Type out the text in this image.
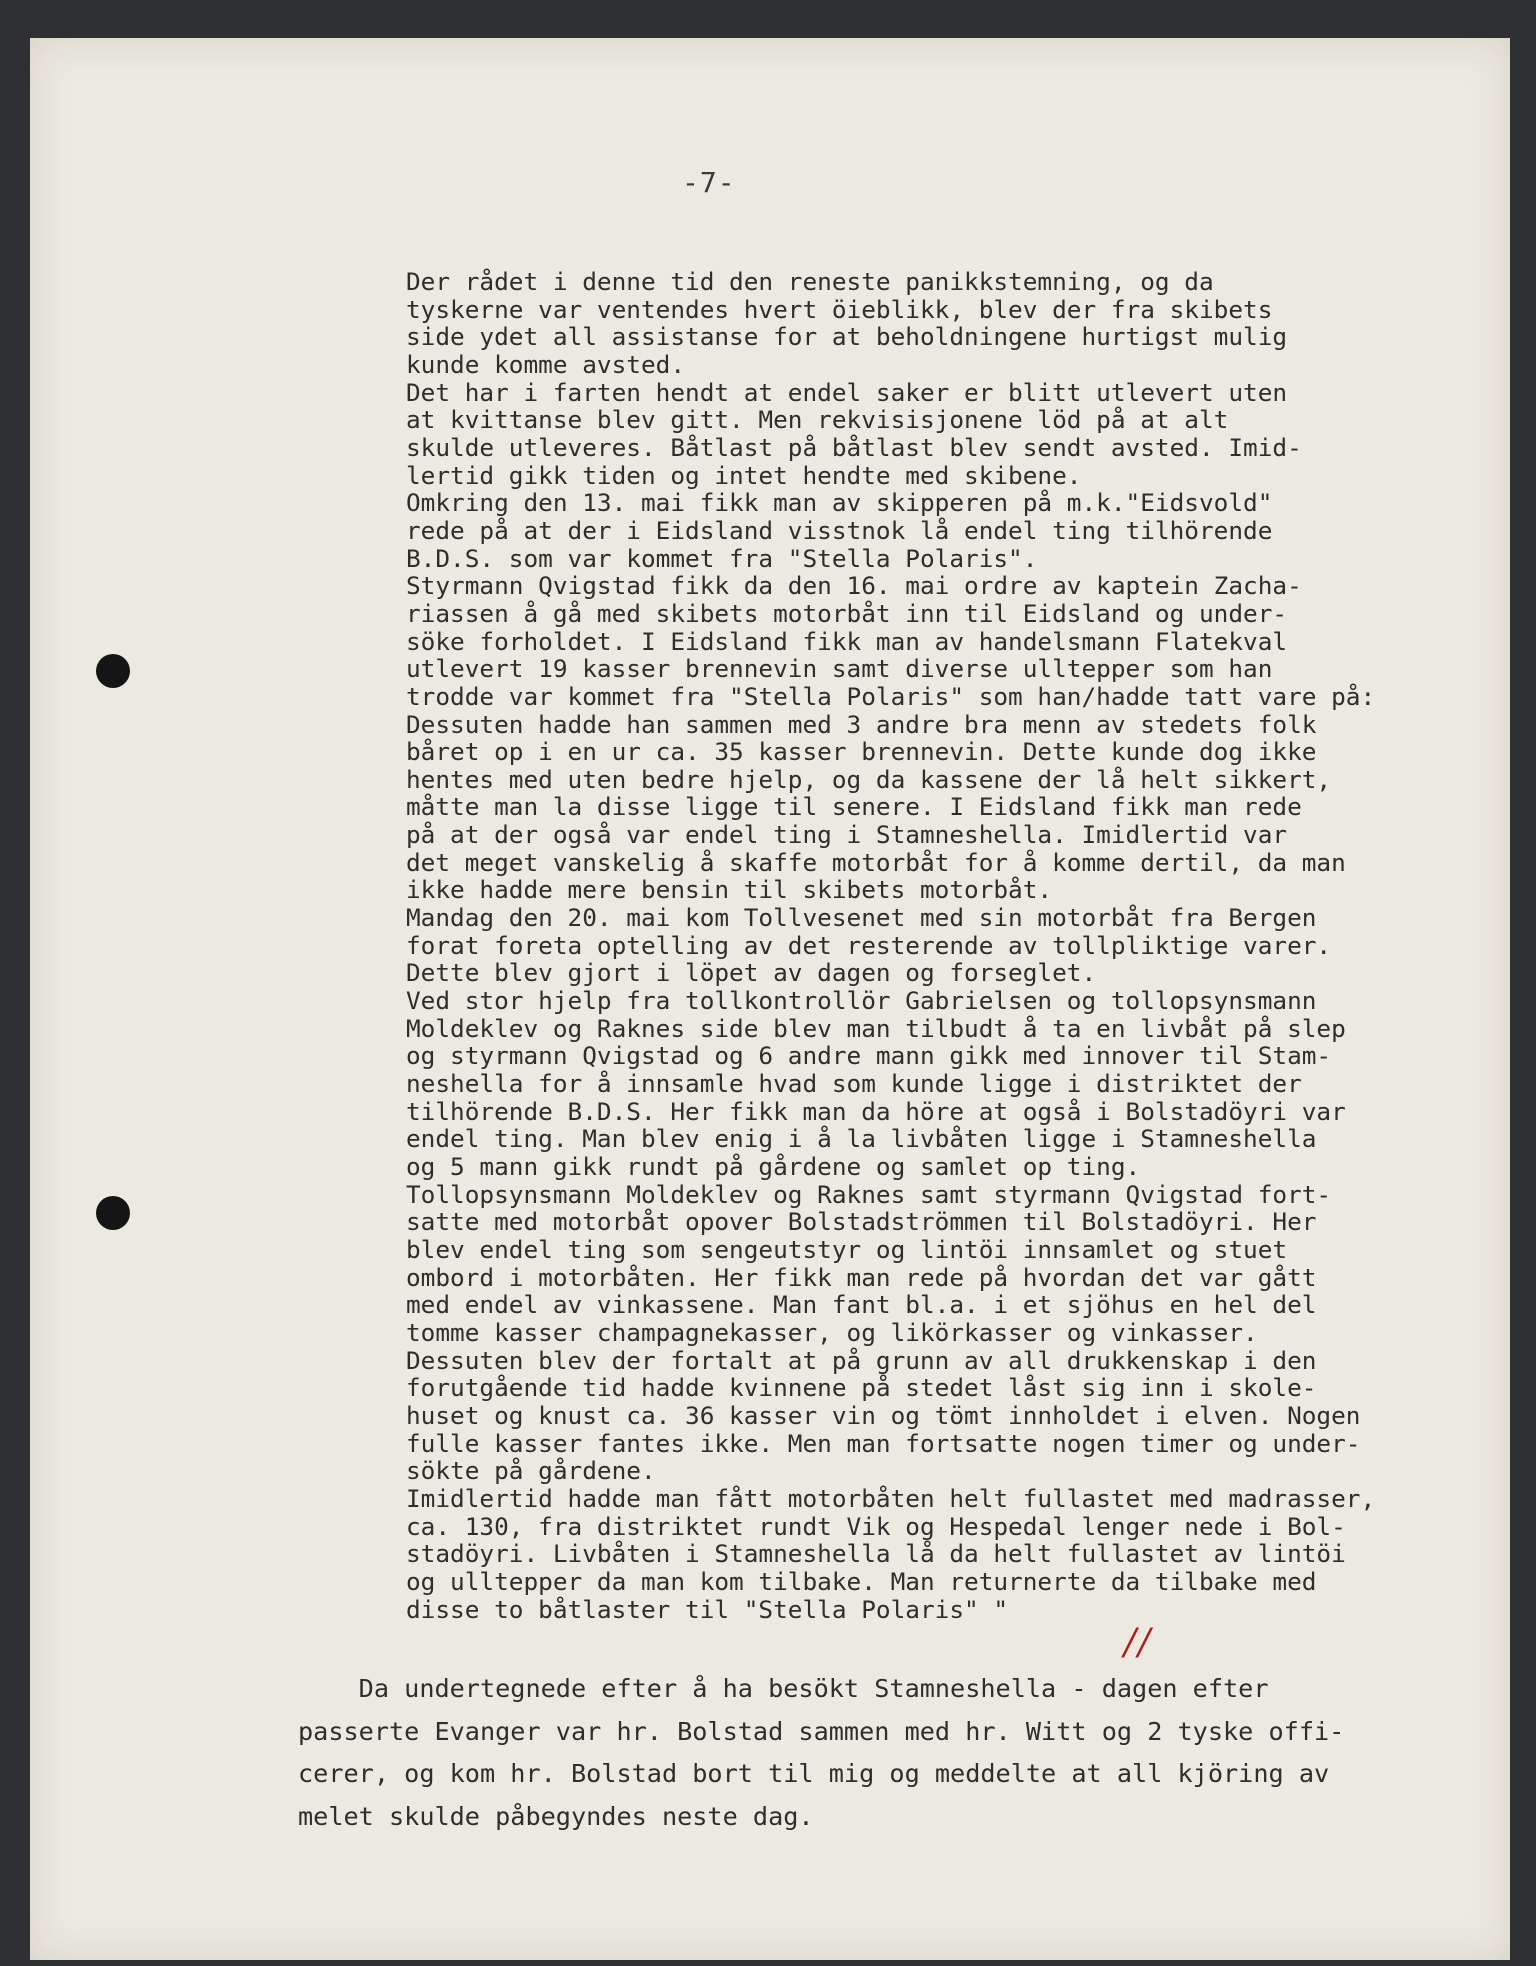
-7-
Der rådet i denne tid den reneste panikkstemning, og da
tyskerne var ventendes hvert öieblikk, blev der fra skibets
side ydet all assistanse for at beholdningene hurtigst mulig
kunde komme avsted.
Det har i farten hendt at endel saker er blitt utlevert uten
at kvittanse blev gitt. Men rekvisisjonene löd på at alt
skulde utleveres. Båtlast på båtlast blev sendt avsted. Imid-
lertid gikk tiden og intet hendte med skibene.
Omkring den 13. mai fikk man av skipperen på m.k."Eidsvold"
rede på at der i Eidsland visstnok lå endel ting tilhörende
B.D.S. som var kommet fra "Stella Polaris".
Styrmann Qvigstad fikk da den 16. mai ordre av kaptein Zacha-
riassen å gå med skibets motorbåt inn til Eidsland og under-
söke forholdet. I Eidsland fikk man av handelsmann Flatekval
utlevert 19 kasser brennevin samt diverse ulltepper som han
trodde var kommet fra "Stella Polaris" som han/hadde tatt vare på:
Dessuten hadde han sammen med 3 andre bra menn av stedets folk
båret op i en ur ca. 35 kasser brennevin. Dette kunde dog ikke
hentes med uten bedre hjelp, og da kassene der lå helt sikkert,
måtte man la disse ligge til senere. I Eidsland fikk man rede
på at der også var endel ting i Stamneshella. Imidlertid var
det meget vanskelig å skaffe motorbåt for å komme dertil, da man
ikke hadde mere bensin til skibets motorbåt.
Mandag den 20. mai kom Tollvesenet med sin motorbåt fra Bergen
forat foreta optelling av det resterende av tollpliktige varer.
Dette blev gjort i löpet av dagen og forseglet.
Ved stor hjelp fra tollkontrollör Gabrielsen og tollopsynsmann
Moldeklev og Raknes side blev man tilbudt å ta en livbåt på slep
og styrmann Qvigstad og 6 andre mann gikk med innover til Stam-
neshella for å innsamle hvad som kunde ligge i distriktet der
tilhörende B.D.S. Her fikk man da höre at også i Bolstadöyri var
endel ting. Man blev enig i å la livbåten ligge i Stamneshella
og 5 mann gikk rundt på gårdene og samlet op ting.
Tollopsynsmann Moldeklev og Raknes samt styrmann Qvigstad fort-
satte med motorbåt opover Bolstadströmmen til Bolstadöyri. Her
blev endel ting som sengeutstyr og lintöi innsamlet og stuet
ombord i motorbåten. Her fikk man rede på hvordan det var gått
med endel av vinkassene. Man fant bl.a. i et sjöhus en hel del
tomme kasser champagnekasser, og likörkasser og vinkasser.
Dessuten blev der fortalt at på grunn av all drukkenskap i den
forutgående tid hadde kvinnene på stedet låst sig inn i skole-
huset og knust ca. 36 kasser vin og tömt innholdet i elven. Nogen
fulle kasser fantes ikke. Men man fortsatte nogen timer og under-
sökte på gårdene.
Imidlertid hadde man fått motorbåten helt fullastet med madrasser,
ca. 130, fra distriktet rundt Vik og Hespedal lenger nede i Bol-
stadöyri. Livbåten i Stamneshella lå da helt fullastet av lintöi
og ulltepper da man kom tilbake. Man returnerte da tilbake med
disse to båtlaster til "Stella Polaris" "
//
Da undertegnede efter å ha besökt Stamneshella - dagen efter
passerte Evanger var hr. Bolstad sammen med hr. Witt og 2 tyske offi-
cerer, og kom hr. Bolstad bort til mig og meddelte at all kjöring av
melet skulde påbegyndes neste dag.
